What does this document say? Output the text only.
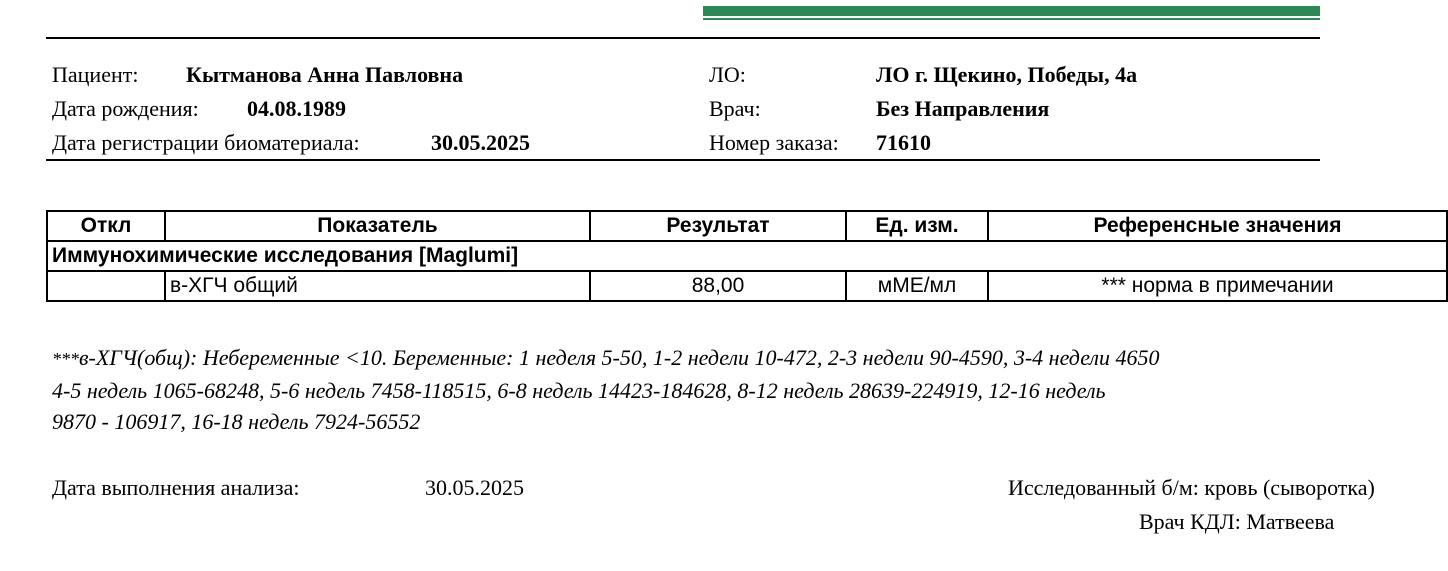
Пациент: Кытманова Анна Павловна
Дата рождения: 04.08.1989
Дата регистрации биоматериала:	30.05.2025
ЛО:	ЛО г. Щекино, Победы, 4а
Врач:	Без Направления
Номер заказа: 71610
Откл	Показатель	Результат	Ед. изм.	Референсные значения
Иммунохимические исследования [Maglumi]				
	в-ХГЧ общий	88,00	мМЕ/мл	*** норма в примечании
***в-ХГЧ(общ): Небеременные <10. Беременные: 1 неделя 5-50, 1-2 недели 10-472, 2-3 недели 90-4590, 3-4 недели 4650
4-5 недель 1065-68248, 5-6 недель 7458-118515, 6-8 недель 14423-184628, 8-12 недель 28639-224919, 12-16 недель
9870 - 106917, 16-18 недель 7924-56552
Дата выполнения анализа:	30.05.2025	Исследованный б/м: кровь (сыворотка)
Врач КДЛ: Матвеева
